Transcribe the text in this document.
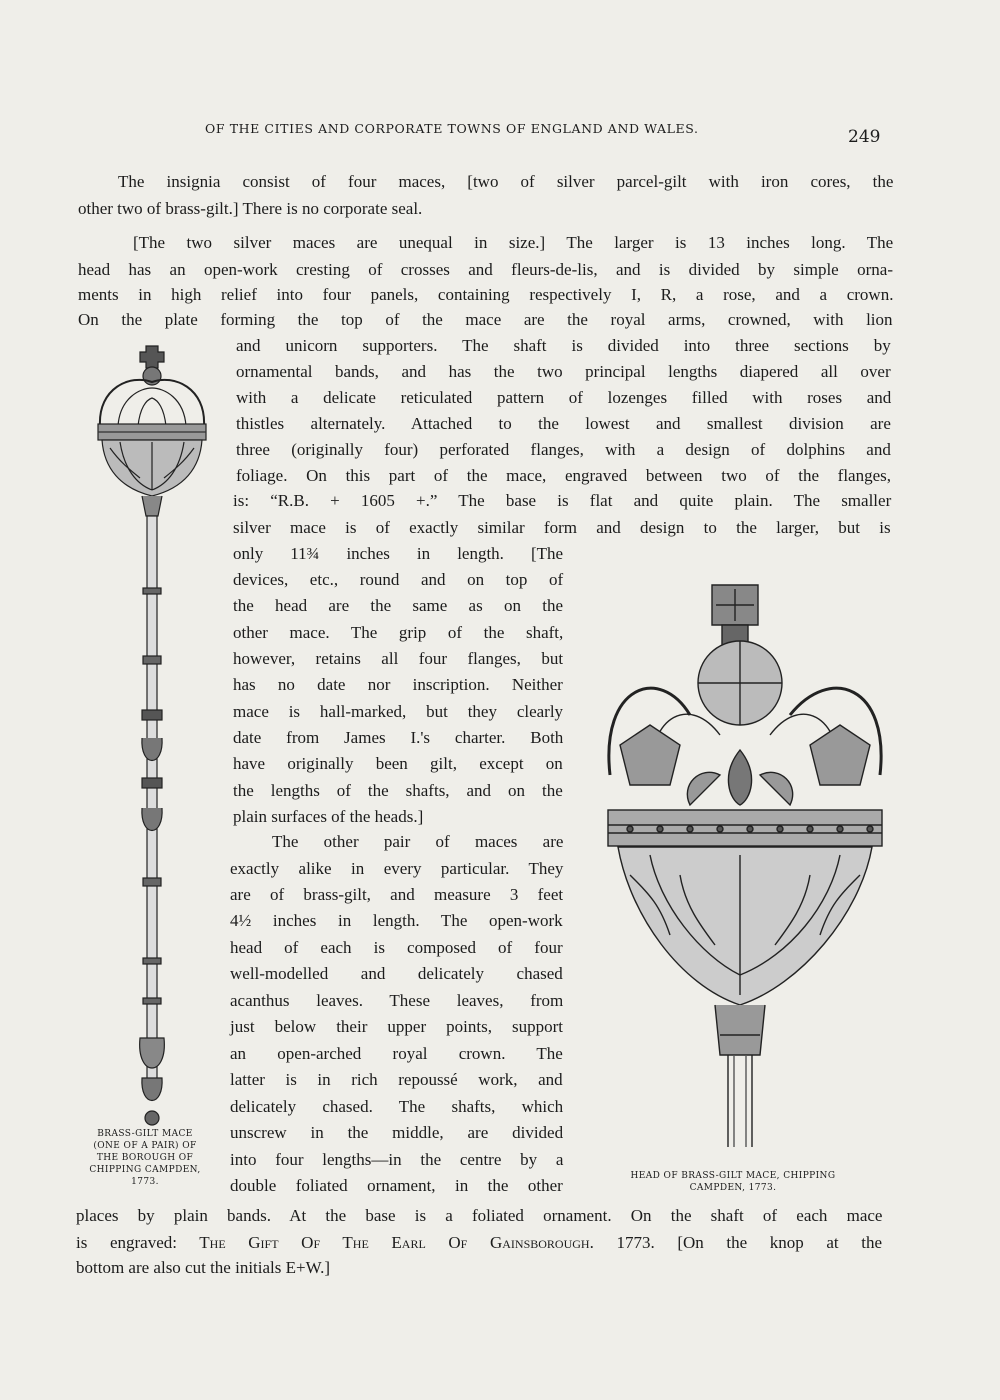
OF THE CITIES AND CORPORATE TOWNS OF ENGLAND AND WALES.	249
The insignia consist of four maces, [two of silver parcel-gilt with iron cores, the
other two of brass-gilt.] There is no corporate seal.
[The two silver maces are unequal in size.] The larger is 13 inches long. The
head has an open-work cresting of crosses and fleurs-de-lis, and is divided by simple orna-
ments in high relief into four panels, containing respectively I, R, a rose, and a crown.
On the plate forming the top of the mace are the royal arms, crowned, with lion
and unicorn supporters. The shaft is divided into three sections by
ornamental bands, and has the two principal lengths diapered all over
with a delicate reticulated pattern of lozenges filled with roses and
thistles alternately. Attached to the lowest and smallest division are
three (originally four) perforated flanges, with a design of dolphins and
foliage. On this part of the mace, engraved between two of the flanges,
is: “R.B. + 1605 +.” The base is flat and quite plain. The smaller
silver mace is of exactly similar form and design to the larger, but is
only 11¾ inches in length. [The
devices, etc., round and on top of
the head are the same as on the
other mace. The grip of the shaft,
however, retains all four flanges, but
has no date nor inscription. Neither
mace is hall-marked, but they clearly
date from James I.'s charter. Both
have originally been gilt, except on
the lengths of the shafts, and on the
plain surfaces of the heads.]
The other pair of maces are
exactly alike in every particular. They
are of brass-gilt, and measure 3 feet
4½ inches in length. The open-work
head of each is composed of four
well-modelled and delicately chased
acanthus leaves. These leaves, from
just below their upper points, support
an open-arched royal crown. The
latter is in rich repoussé work, and
delicately chased. The shafts, which
unscrew in the middle, are divided
into four lengths—in the centre by a
double foliated ornament, in the other
places by plain bands. At the base is a foliated ornament. On the shaft of each mace
is engraved: The Gift Of The Earl Of Gainsborough. 1773. [On the knop at the
bottom are also cut the initials E+W.]
BRASS-GILT MACE
(ONE OF A PAIR) OF
THE BOROUGH OF
CHIPPING CAMPDEN,
1773.
HEAD OF BRASS-GILT MACE, CHIPPING
CAMPDEN, 1773.
